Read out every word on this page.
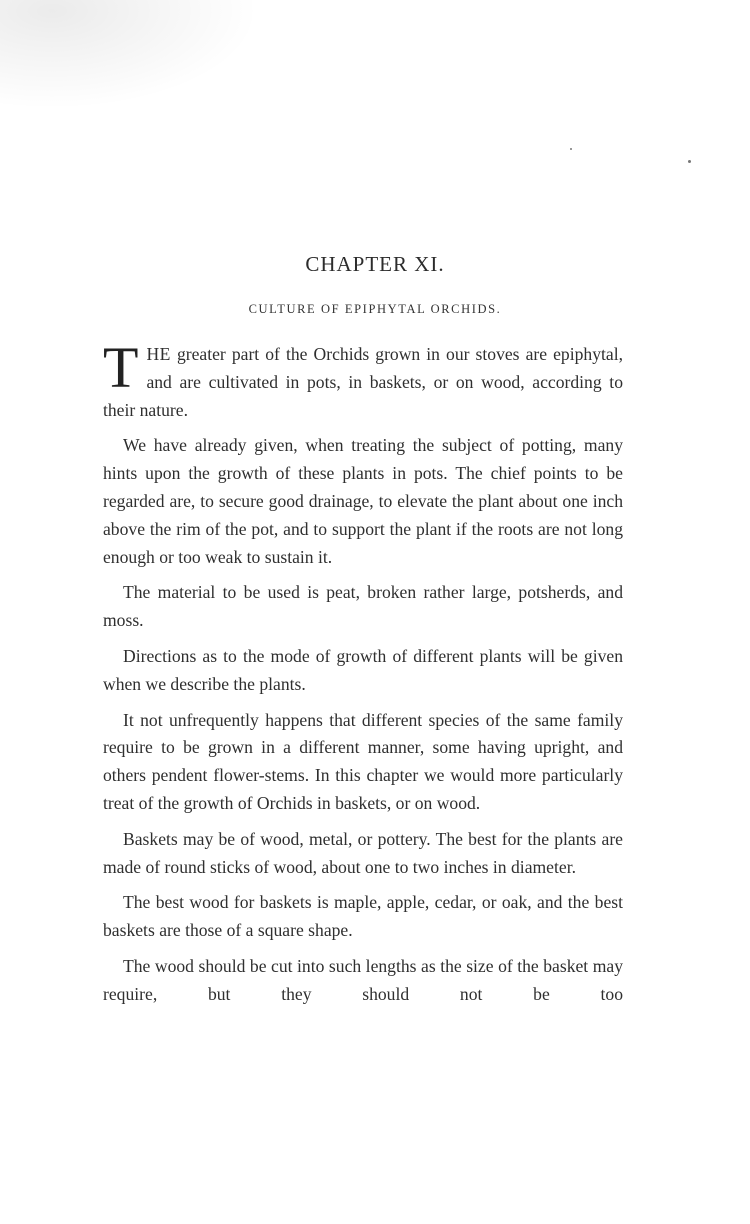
CHAPTER XI.
CULTURE OF EPIPHYTAL ORCHIDS.

THE greater part of the Orchids grown in our stoves are epiphytal, and are cultivated in pots, in baskets, or on wood, according to their nature.

We have already given, when treating the subject of potting, many hints upon the growth of these plants in pots. The chief points to be regarded are, to secure good drainage, to elevate the plant about one inch above the rim of the pot, and to support the plant if the roots are not long enough or too weak to sustain it.

The material to be used is peat, broken rather large, potsherds, and moss.

Directions as to the mode of growth of different plants will be given when we describe the plants.

It not unfrequently happens that different species of the same family require to be grown in a different manner, some having upright, and others pendent flower-stems. In this chapter we would more particularly treat of the growth of Orchids in baskets, or on wood.

Baskets may be of wood, metal, or pottery. The best for the plants are made of round sticks of wood, about one to two inches in diameter.

The best wood for baskets is maple, apple, cedar, or oak, and the best baskets are those of a square shape.

The wood should be cut into such lengths as the size of the basket may require, but they should not be too
